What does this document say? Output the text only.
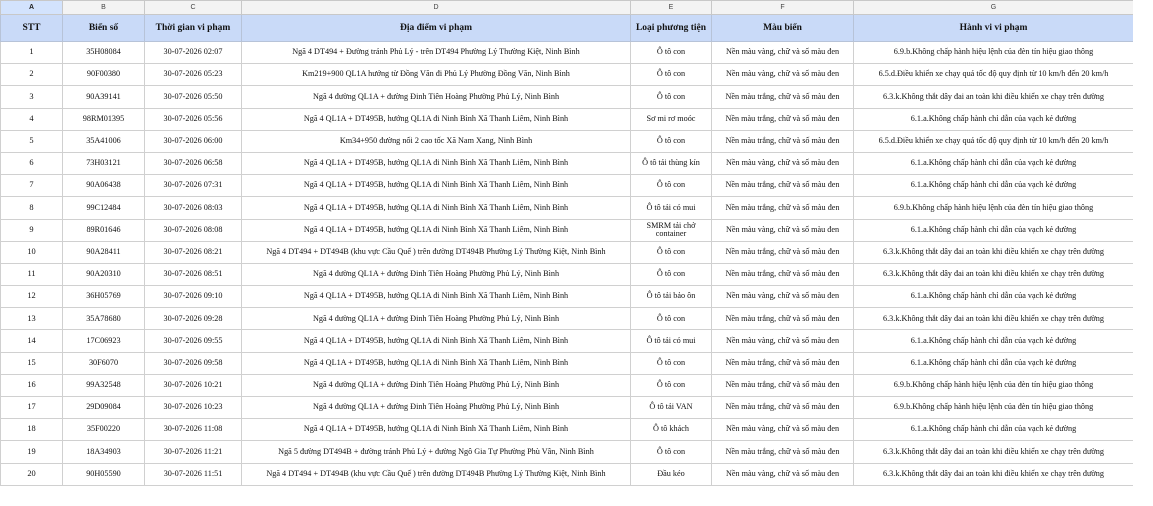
A	B	C	D	E	F	G
STT	Biển số	Thời gian vi phạm	Địa điểm vi phạm	Loại phương tiện	Màu biển	Hành vi vi phạm
1	35H08084	30-07-2026 02:07	Ngã 4 DT494 + Đường tránh Phủ Lý - trên DT494 Phường Lý Thường Kiệt, Ninh Bình	Ô tô con	Nền màu vàng, chữ và số màu đen	6.9.b.Không chấp hành hiệu lệnh của đèn tín hiệu giao thông
2	90F00380	30-07-2026 05:23	Km219+900 QL1A hướng từ Đồng Văn đi Phủ Lý Phường Đồng Văn, Ninh Bình	Ô tô con	Nền màu vàng, chữ và số màu đen	6.5.d.Điều khiển xe chạy quá tốc độ quy định từ 10 km/h đến 20 km/h
3	90A39141	30-07-2026 05:50	Ngã 4 đường QL1A + đường Đinh Tiên Hoàng Phường Phủ Lý, Ninh Bình	Ô tô con	Nền màu trắng, chữ và số màu đen	6.3.k.Không thắt dây đai an toàn khi điều khiển xe chạy trên đường
4	98RM01395	30-07-2026 05:56	Ngã 4 QL1A + DT495B, hướng QL1A đi Ninh Bình Xã Thanh Liêm, Ninh Bình	Sơ mi rơ moóc	Nền màu trắng, chữ và số màu đen	6.1.a.Không chấp hành chỉ dẫn của vạch kẻ đường
5	35A41006	30-07-2026 06:00	Km34+950 đường nối 2 cao tốc Xã Nam Xang, Ninh Bình	Ô tô con	Nền màu trắng, chữ và số màu đen	6.5.d.Điều khiển xe chạy quá tốc độ quy định từ 10 km/h đến 20 km/h
6	73H03121	30-07-2026 06:58	Ngã 4 QL1A + DT495B, hướng QL1A đi Ninh Bình Xã Thanh Liêm, Ninh Bình	Ô tô tải thùng kín	Nền màu vàng, chữ và số màu đen	6.1.a.Không chấp hành chỉ dẫn của vạch kẻ đường
7	90A06438	30-07-2026 07:31	Ngã 4 QL1A + DT495B, hướng QL1A đi Ninh Bình Xã Thanh Liêm, Ninh Bình	Ô tô con	Nền màu trắng, chữ và số màu đen	6.1.a.Không chấp hành chỉ dẫn của vạch kẻ đường
8	99C12484	30-07-2026 08:03	Ngã 4 QL1A + DT495B, hướng QL1A đi Ninh Bình Xã Thanh Liêm, Ninh Bình	Ô tô tải có mui	Nền màu trắng, chữ và số màu đen	6.9.b.Không chấp hành hiệu lệnh của đèn tín hiệu giao thông
9	89R01646	30-07-2026 08:08	Ngã 4 QL1A + DT495B, hướng QL1A đi Ninh Bình Xã Thanh Liêm, Ninh Bình	SMRM tải chở container	Nền màu vàng, chữ và số màu đen	6.1.a.Không chấp hành chỉ dẫn của vạch kẻ đường
10	90A28411	30-07-2026 08:21	Ngã 4 DT494 + DT494B (khu vực Cầu Quế ) trên đường DT494B Phường Lý Thường Kiệt, Ninh Bình	Ô tô con	Nền màu trắng, chữ và số màu đen	6.3.k.Không thắt dây đai an toàn khi điều khiển xe chạy trên đường
11	90A20310	30-07-2026 08:51	Ngã 4 đường QL1A + đường Đinh Tiên Hoàng Phường Phủ Lý, Ninh Bình	Ô tô con	Nền màu trắng, chữ và số màu đen	6.3.k.Không thắt dây đai an toàn khi điều khiển xe chạy trên đường
12	36H05769	30-07-2026 09:10	Ngã 4 QL1A + DT495B, hướng QL1A đi Ninh Bình Xã Thanh Liêm, Ninh Bình	Ô tô tải bảo ôn	Nền màu vàng, chữ và số màu đen	6.1.a.Không chấp hành chỉ dẫn của vạch kẻ đường
13	35A78680	30-07-2026 09:28	Ngã 4 đường QL1A + đường Đinh Tiên Hoàng Phường Phủ Lý, Ninh Bình	Ô tô con	Nền màu trắng, chữ và số màu đen	6.3.k.Không thắt dây đai an toàn khi điều khiển xe chạy trên đường
14	17C06923	30-07-2026 09:55	Ngã 4 QL1A + DT495B, hướng QL1A đi Ninh Bình Xã Thanh Liêm, Ninh Bình	Ô tô tải có mui	Nền màu vàng, chữ và số màu đen	6.1.a.Không chấp hành chỉ dẫn của vạch kẻ đường
15	30F6070	30-07-2026 09:58	Ngã 4 QL1A + DT495B, hướng QL1A đi Ninh Bình Xã Thanh Liêm, Ninh Bình	Ô tô con	Nền màu trắng, chữ và số màu đen	6.1.a.Không chấp hành chỉ dẫn của vạch kẻ đường
16	99A32548	30-07-2026 10:21	Ngã 4 đường QL1A + đường Đinh Tiên Hoàng Phường Phủ Lý, Ninh Bình	Ô tô con	Nền màu trắng, chữ và số màu đen	6.9.b.Không chấp hành hiệu lệnh của đèn tín hiệu giao thông
17	29D09084	30-07-2026 10:23	Ngã 4 đường QL1A + đường Đinh Tiên Hoàng Phường Phủ Lý, Ninh Bình	Ô tô tải VAN	Nền màu trắng, chữ và số màu đen	6.9.b.Không chấp hành hiệu lệnh của đèn tín hiệu giao thông
18	35F00220	30-07-2026 11:08	Ngã 4 QL1A + DT495B, hướng QL1A đi Ninh Bình Xã Thanh Liêm, Ninh Bình	Ô tô khách	Nền màu vàng, chữ và số màu đen	6.1.a.Không chấp hành chỉ dẫn của vạch kẻ đường
19	18A34903	30-07-2026 11:21	Ngã 5 đường DT494B + đường tránh Phủ Lý + đường Ngô Gia Tự Phường Phù Vân, Ninh Bình	Ô tô con	Nền màu trắng, chữ và số màu đen	6.3.k.Không thắt dây đai an toàn khi điều khiển xe chạy trên đường
20	90H05590	30-07-2026 11:51	Ngã 4 DT494 + DT494B (khu vực Cầu Quế ) trên đường DT494B Phường Lý Thường Kiệt, Ninh Bình	Đầu kéo	Nền màu vàng, chữ và số màu đen	6.3.k.Không thắt dây đai an toàn khi điều khiển xe chạy trên đường
